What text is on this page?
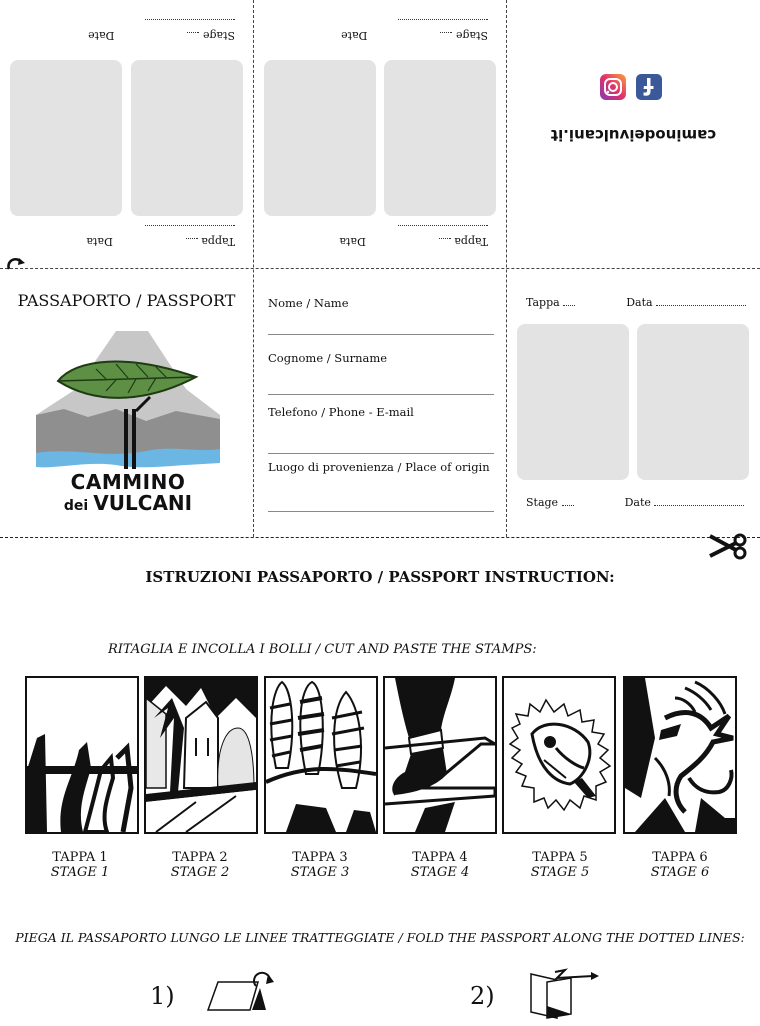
Tappa   Data
Stage   Date
Tappa   Data
Stage   Date
caminodeivulcani.it
PASSAPORTO / PASSPORT
CAMMINO
dei VULCANI
Nome / Name
Cognome / Surname
Telefono / Phone - E-mail
Luogo di provenienza / Place of origin
Tappa	Data
Stage	Date
ISTRUZIONI PASSAPORTO / PASSPORT INSTRUCTION:
RITAGLIA E INCOLLA I BOLLI / CUT AND PASTE THE STAMPS:
TAPPA 1
STAGE 1
TAPPA 2
STAGE 2
TAPPA 3
STAGE 3
TAPPA 4
STAGE 4
TAPPA 5
STAGE 5
TAPPA 6
STAGE 6
PIEGA IL PASSAPORTO LUNGO LE LINEE TRATTEGGIATE / FOLD THE PASSPORT ALONG THE DOTTED LINES:
1)	2)
